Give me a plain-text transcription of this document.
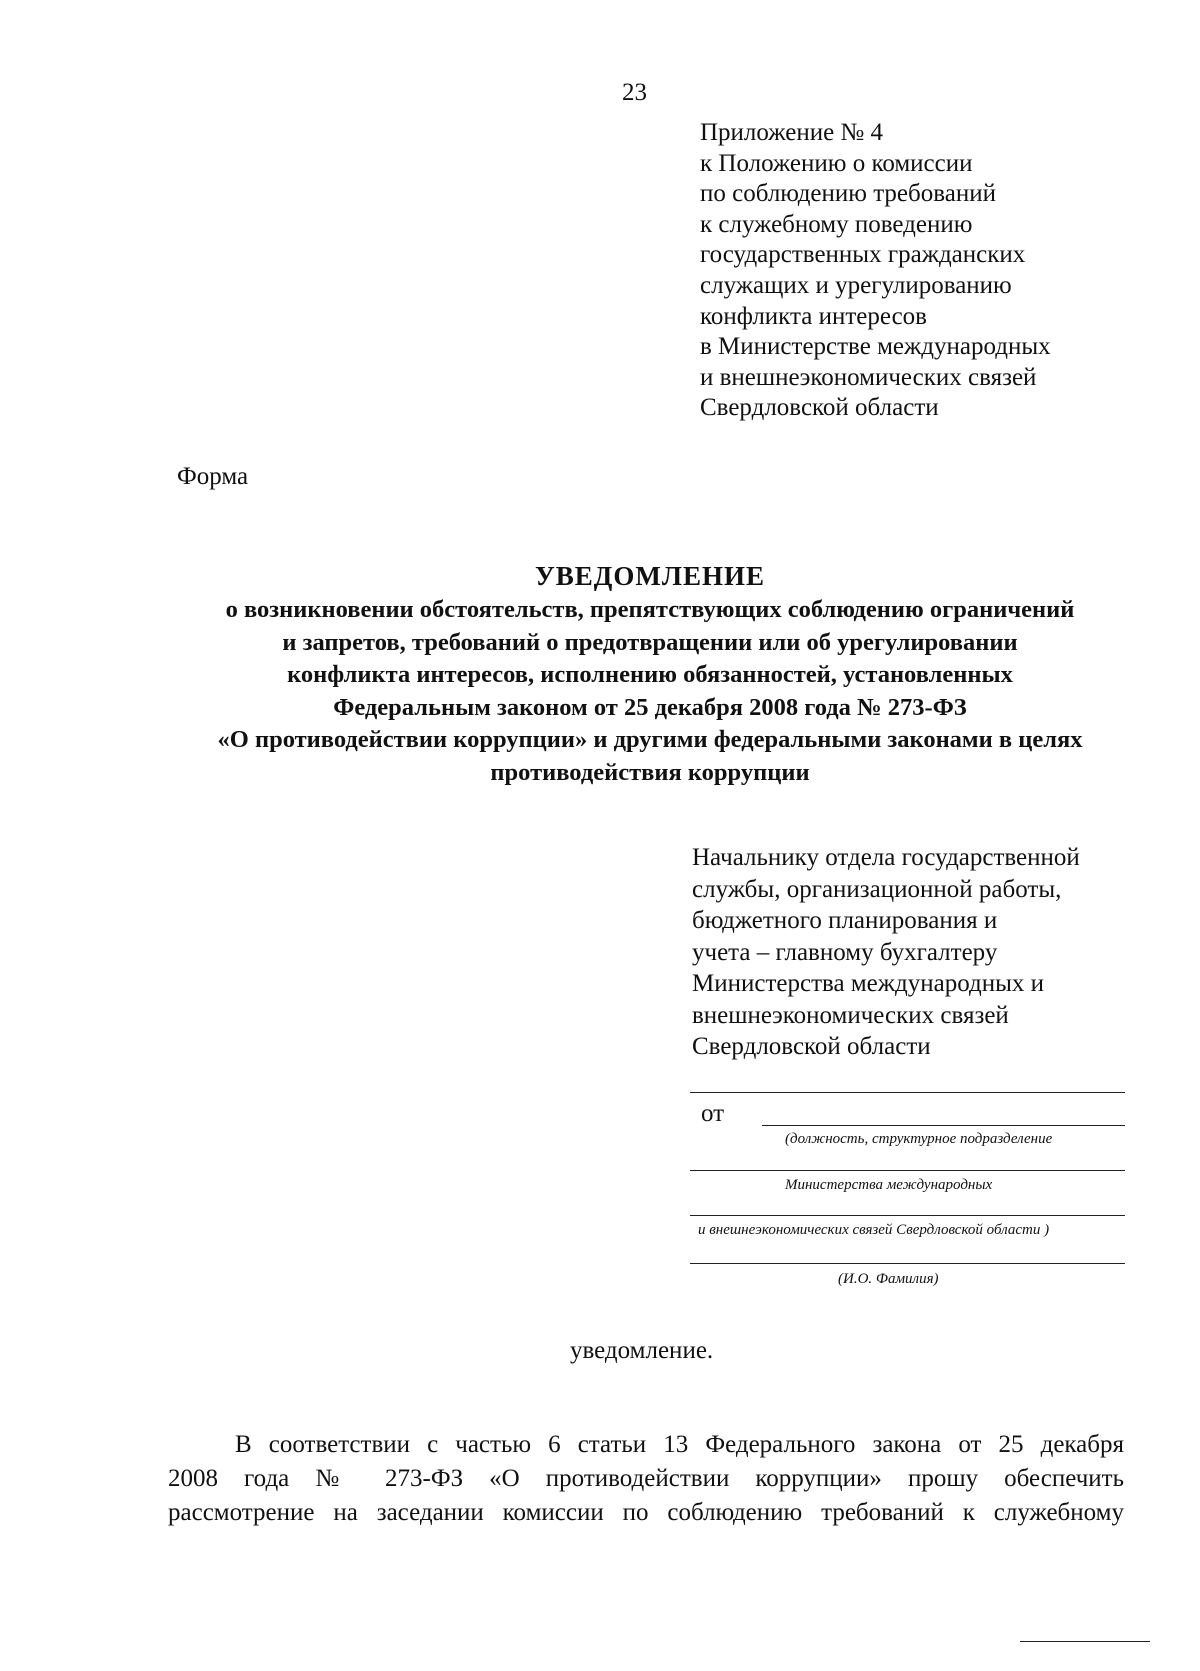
23
Приложение № 4
к Положению о комиссии
по соблюдению требований
к служебному поведению
государственных гражданских
служащих и урегулированию
конфликта интересов
в Министерстве международных
и внешнеэкономических связей
Свердловской области
Форма
УВЕДОМЛЕНИЕ
о возникновении обстоятельств, препятствующих соблюдению ограничений
и запретов, требований о предотвращении или об урегулировании
конфликта интересов, исполнению обязанностей, установленных
Федеральным законом от 25 декабря 2008 года № 273-ФЗ
«О противодействии коррупции» и другими федеральными законами в целях
противодействия коррупции
Начальнику отдела государственной
службы, организационной работы,
бюджетного планирования и
учета – главному бухгалтеру
Министерства международных и
внешнеэкономических связей
Свердловской области
от
(должность, структурное подразделение
Министерства международных
и внешнеэкономических связей Свердловской области )
(И.О. Фамилия)
уведомление.
В соответствии с частью 6 статьи 13 Федерального закона от 25 декабря
2008 года № 273-ФЗ «О противодействии коррупции» прошу обеспечить
рассмотрение на заседании комиссии по соблюдению требований к служебному
